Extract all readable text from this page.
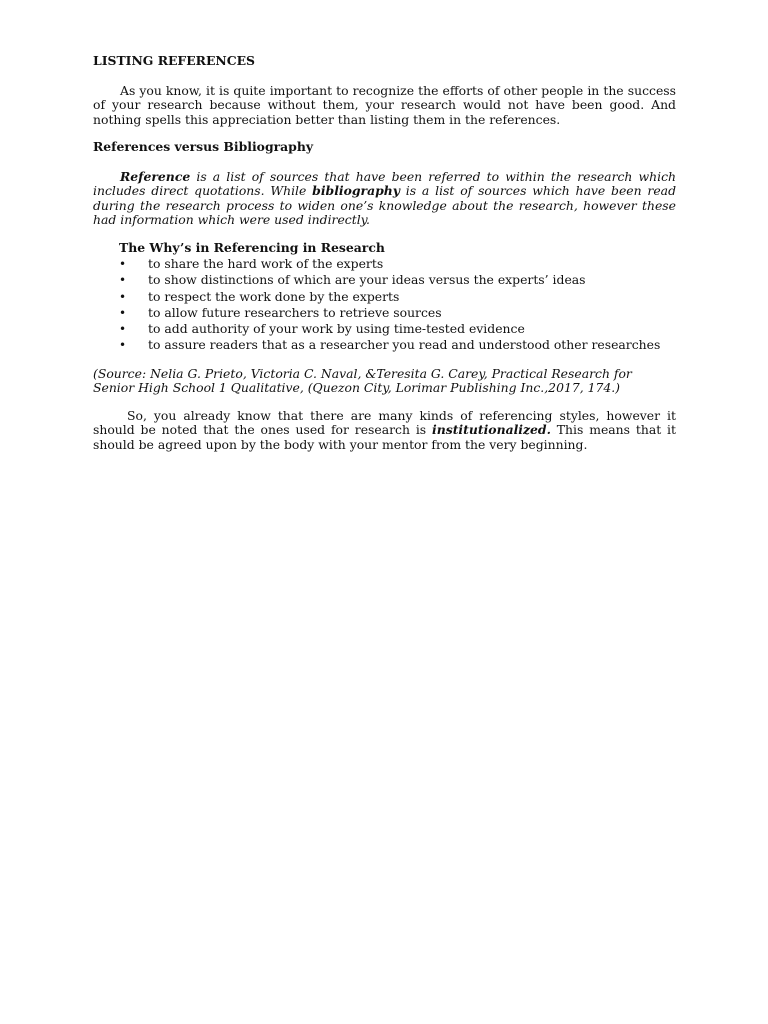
LISTING REFERENCES

As you know, it is quite important to recognize the efforts of other people in the success of your research because without them, your research would not have been good. And nothing spells this appreciation better than listing them in the references.

References versus Bibliography

Reference is a list of sources that have been referred to within the research which includes direct quotations. While bibliography is a list of sources which have been read during the research process to widen one’s knowledge about the research, however these had information which were used indirectly.

The Why’s in Referencing in Research

• to share the hard work of the experts
• to show distinctions of which are your ideas versus the experts’ ideas
• to respect the work done by the experts
• to allow future researchers to retrieve sources
• to add authority of your work by using time-tested evidence
• to assure readers that as a researcher you read and understood other researches

(Source: Nelia G. Prieto, Victoria C. Naval, &Teresita G. Carey, Practical Research for
Senior High School 1 Qualitative, (Quezon City, Lorimar Publishing Inc.,2017, 174.)

So, you already know that there are many kinds of referencing styles, however it should be noted that the ones used for research is institutionalized. This means that it should be agreed upon by the body with your mentor from the very beginning.
